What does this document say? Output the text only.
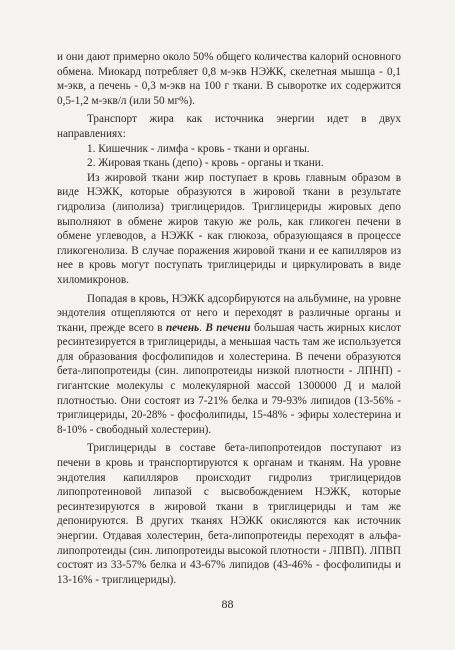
и они дают примерно около 50% общего количества калорий основного обмена. Миокард потребляет 0,8 м-экв НЭЖК, скелетная мышца - 0,1 м-экв, а печень - 0,3 м-экв на 100 г ткани. В сыворотке их содержится 0,5-1,2 м-экв/л (или 50 мг%).

Транспорт жира как источника энергии идет в двух направлениях:

1. Кишечник - лимфа - кровь - ткани и органы.

2. Жировая ткань (депо) - кровь - органы и ткани.

Из жировой ткани жир поступает в кровь главным образом в виде НЭЖК, которые образуются в жировой ткани в результате гидролиза (липолиза) триглицеридов. Триглицериды жировых депо выполняют в обмене жиров такую же роль, как гликоген печени в обмене углеводов, а НЭЖК - как глюкоза, образующаяся в процессе гликогенолиза. В случае поражения жировой ткани и ее капилляров из нее в кровь могут поступать триглицериды и циркулировать в виде хиломикронов.

Попадая в кровь, НЭЖК адсорбируются на альбумине, на уровне эндотелия отщепляются от него и переходят в различные органы и ткани, прежде всего в печень. В печени большая часть жирных кислот ресинтезируется в триглицериды, а меньшая часть там же используется для образования фосфолипидов и холестерина. В печени образуются бета-липопротеиды (син. липопротеиды низкой плотности - ЛПНП) - гигантские молекулы с молекулярной массой 1300000 Д и малой плотностью. Они состоят из 7-21% белка и 79-93% липидов (13-56% - триглицериды, 20-28% - фосфолипиды, 15-48% - эфиры холестерина и 8-10% - свободный холестерин).

Триглицериды в составе бета-липопротеидов поступают из печени в кровь и транспортируются к органам и тканям. На уровне эндотелия капилляров происходит гидролиз триглицеридов липопротеиновой липазой с высвобождением НЭЖК, которые ресинтезируются в жировой ткани в триглицериды и там же депонируются. В других тканях НЭЖК окисляются как источник энергии. Отдавая холестерин, бета-липопротеиды переходят в альфа-липопротеиды (син. липопротеиды высокой плотности - ЛПВП). ЛПВП состоят из 33-57% белка и 43-67% липидов (43-46% - фосфолипиды и 13-16% - триглицериды).

88
